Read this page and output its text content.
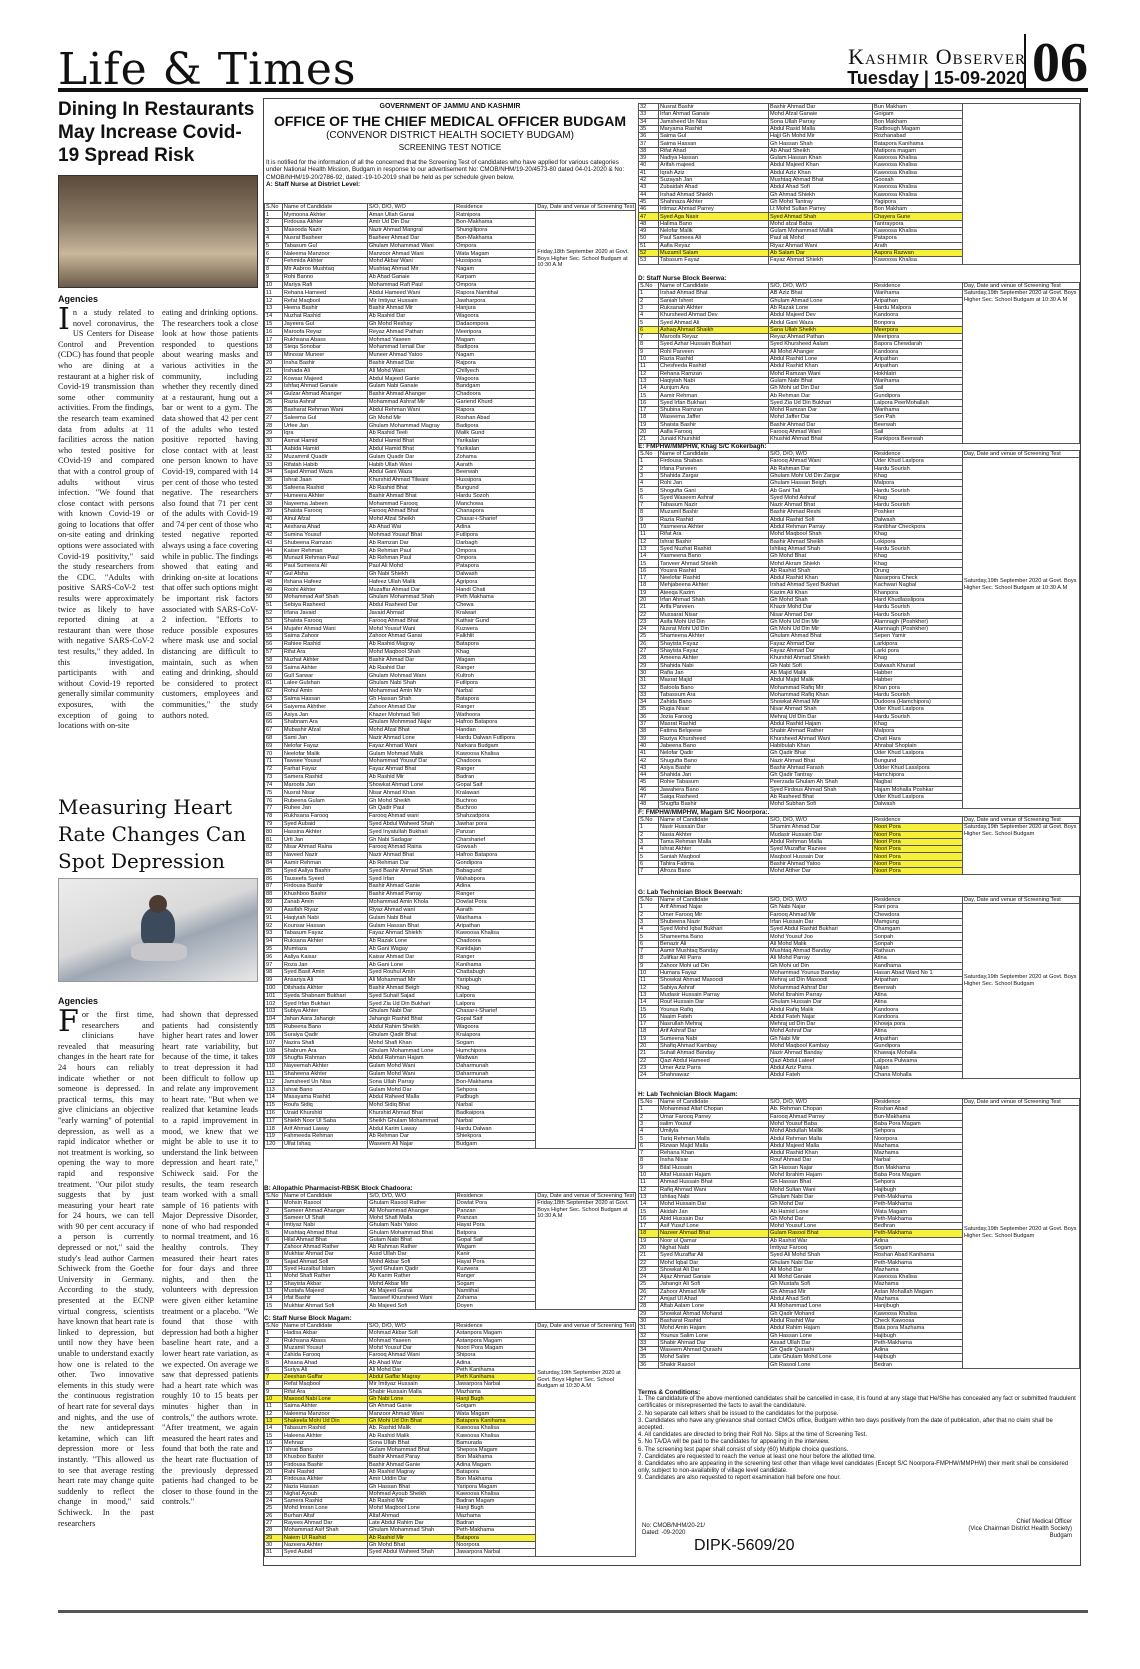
Life & Times	Kashmir Observer
Tuesday | 15-09-2020 06
Dining In Restaurants May Increase Covid-19 Spread Risk
Agencies
In a study related to novel coronavirus, the US Centers for Disease Control and Prevention (CDC) has found that people who are dining at a restaurant at a higher risk of Covid-19 transmission than some other community activities. From the findings, the research team examined data from adults at 11 facilities across the nation who tested positive for COvid-19 and compared that with a control group of adults without virus infection. "We found that close contact with persons with known Covid-19 or going to locations that offer on-site eating and drinking options were associated with Covid-19 positivity," said the study researchers from the CDC. "Adults with positive SARS-CoV-2 test results were approximately twice as likely to have reported dining at a restaurant than were those with negative SARS-CoV-2 test results," they added. In this investigation, participants with and without Covid-19 reported generally similar community exposures, with the exception of going to locations with on-site
eating and drinking options. The researchers took a close look at how those patients responded to questions about wearing masks and various activities in the community, including whether they recently dined at a restaurant, hung out a bar or went to a gym. The data showed that 42 per cent of the adults who tested positive reported having close contact with at least one person known to have Covid-19, compared with 14 per cent of those who tested negative. The researchers also found that 71 per cent of the adults with Covid-19 and 74 per cent of those who tested negative reported always using a face covering while in public. The findings showed that eating and drinking on-site at locations that offer such options might be important risk factors associated with SARS-CoV-2 infection. "Efforts to reduce possible exposures where mask use and social distancing are difficult to maintain, such as when eating and drinking, should be considered to protect customers, employees and communities," the study authors noted.
Measuring Heart Rate Changes Can Spot Depression
Agencies
For the first time, researchers and clinicians have revealed that measuring changes in the heart rate for 24 hours can reliably indicate whether or not someone is depressed. In practical terms, this may give clinicians an objective "early warning" of potential depression, as well as a rapid indicator whether or not treatment is working, so opening the way to more rapid and responsive treatment. "Our pilot study suggests that by just measuring your heart rate for 24 hours, we can tell with 90 per cent accuracy if a person is currently depressed or not," said the study's lead author Carmen Schiweck from the Goethe University in Germany. According to the study, presented at the ECNP virtual congress, scientists have known that heart rate is linked to depression, but until now they have been unable to understand exactly how one is related to the other. Two innovative elements in this study were the continuous registration of heart rate for several days and nights, and the use of the new antidepressant ketamine, which can lift depression more or less instantly. "This allowed us to see that average resting heart rate may change quite suddenly to reflect the change in mood," said Schiweck. In the past researchers
had shown that depressed patients had consistently higher heart rates and lower heart rate variability, but because of the time, it takes to treat depression it had been difficult to follow up and relate any improvement to heart rate. "But when we realized that ketamine leads to a rapid improvement in mood, we knew that we might be able to use it to understand the link between depression and heart rate," Schiweck said. For the results, the team research team worked with a small sample of 16 patients with Major Depressive Disorder, none of who had responded to normal treatment, and 16 healthy controls. They measured their heart rates for four days and three nights, and then the volunteers with depression were given either ketamine treatment or a placebo. "We found that those with depression had both a higher baseline heart rate, and a lower heart rate variation, as we expected. On average we saw that depressed patients had a heart rate which was roughly 10 to 15 beats per minutes higher than in controls," the authors wrote. "After treatment, we again measured the heart rates and found that both the rate and the heart rate fluctuation of the previously depressed patients had changed to be closer to those found in the controls."
GOVERNMENT OF JAMMU AND KASHMIR
OFFICE OF THE CHIEF MEDICAL OFFICER BUDGAM
(CONVENOR DISTRICT HEALTH SOCIETY BUDGAM)
SCREENING TEST NOTICE
It is notified for the information of all the concerned that the Screening Test of candidates who have applied for various categories under National Health Mission, Budgam in response to our advertisement No: CMOB/NHM/19-20/4573-80 dated 04-01-2020 & No: CMOB/NHM/19-20/2786-92, dated:-19-10-2019 shall be held as per schedule given below.
A: Staff Nurse at District Level:
S.No	Name of Candidate	S/O, D/O, W/O	Residence	Day, Date and venue of Screening Test
1	Mymoona Akhter	Aman Ullah Ganai	Ratnipora	Friday,18th September 2020 at Govt. Boys Higher Sec. School Budgam at 10:30 A.M
2	Firdousa Akhter	Amir Ud Din Dar	Bon-Makhama	
3	Masooda Nazir	Nazir Ahmad Mangral	Shungilipora	
4	Nusrat Basheer	Basheer Ahmad Dar	Bon-Makhama	
5	Tabasum Gul	Ghulam Mohammad Wani	Ompora	
6	Naleema Manzoor	Manzoor Ahmad Wani	Wata Magam	
7	Fehmida Akhter	Mohd Akbar Wani	Hussipora	
8	Mir Aabroo Mushtaq	Mushtaq Ahmad Mir	Nagam	
9	Rohi Banno	Ab Ahad Ganaie	Karpam	
10	Mariya Rafi	Mohammad Rafi Paul	Ompora	
11	Rehana Hameed	Abdul Hameed Wani	Rapora Namtihal	
12	Refat Maqbool	Mir Imtiyaz Hussain	Jawharpora	
13	Heena Bashir	Bashir Ahmad Mir	Hanjura	
14	Nuzhat Rashid	Ab Rashid Dar	Wagoora	
15	Jayeera Gul	Gh Mohd Reshay	Dadaompora	
16	Maroofa Reyaz	Reyaz Ahmad Pathan	Meeripora	
17	Rukhsana Abass	Mohmad Yaseen	Magam	
18	Sieqa Sonobar	Mohammad Ismail Dar	Badipora	
19	Minosar Muneer	Muneer Ahmad Yatoo	Nagam	
20	Insha Bashir	Bashir Ahmad Dar	Rajpora	
21	Irshada Ali	Ali Mohd Wani	Chillyech	
22	Kowsar Majeed	Abdul Majeed Ganie	Wagoora	
23	Ishfaq Ahmad Ganaie	Gulam Nabi Ganaie	Bandgam	
24	Gulzar Ahmad Ahanger	Bashir Ahmad Ahanger	Chadoora	
25	Razia Ashraf	Mohammad Ashraf Mir	Gariend Khurd	
26	Basharat Rehman Wani	Abdul Rehman Wani	Rapora	
27	Saleema Gul	Gh Mohd Mir	Roshan Abad	
28	Urfee Jan	Ghulam Mohammad Magray	Badipora	
29	Iqra	Ab Rashid Teeli	Malik Gund	
30	Asmat Hamid	Abdul Hamid Bhat	Yarikalan	
31	Aabida Hamid	Abdul Hamid Bhat	Yarikalan	
32	Muzammil Quadir	Gulam Quadir Dar	Zohama	
33	Rifatah Habib	Habib Ullah Wani	Aarath	
34	Sajad Ahmad Waza	Abdul Gani Waza	Beerwah	
35	Ishrat Jaan	Khurshid Ahmad Tilwani	Hussipora	
36	Safeena Rashid	Ab Rashid Bhat	Bungund	
37	Humeera Akhter	Bashir Ahmad Bhat	Hardu Sozoh	
38	Nayeema Jabeen	Mohammad Farooq	Manchowa	
39	Shaista Farooq	Farooq Ahmad Bhat	Chanapora	
40	Ainul Afzal	Mohd Afzal Sheikh	Chasar-i-Sharief	
41	Aeshana Ahad	Ab Ahad Wai	Adina	
42	Sumina Yousuf	Mohmad Yousuf Bhat	Futlipora	
43	Shubeena Ramzan	Ab Ramzan Dar	Darbagh	
44	Kaiser Rehman	Ab Rehman Paul	Ompora	
45	Munazil Rehman Paul	Ab Rehman Paul	Ompora	
46	Paul Sumeera Ali	Paul Ali Mohd	Patapora	
47	Gul Afsha	Gh Nabi Shiekh	Dalwash	
48	Ifshana Hafeez	Hafeez Ullah Malik	Agripora	
49	Roohi Akhter	Muzaffar Ahmad Dar	Handi Chati	
50	Mohammad Asif Shah	Ghulam Mohammad Shah	Peth Makhama	
51	Sebiya Rasheed	Abdul Rasheed Dar	Chewa	
52	Irfana Javaid	Javaid Ahmad	Kralwari	
53	Shaista Farooq	Farooq Ahmad Bhat	Kathair Gund	
54	Mujafer Ahmad Wani	Mohd Yousuf Wani	Kuzwera	
55	Saima Zahoor	Zahoor Ahmad Ganai	Falkhlit	
56	Rahiee Rashid	Ab Rashid Magray	Batapora	
57	Rifat Ara	Mohd Maqbool Shah	Khag	
58	Nuzhat Akhter	Bashir Ahmad Dar	Wagam	
59	Saima Akhter	Ab Rashid Dar	Ranger	
60	Gull Sarwar	Ghulam Mohmad Wani	Kultroh	
61	Lalee Gulshan	Ghulam Nabi Shah	Futlipora	
62	Rohul Amin	Mohammad Amin Mir	Narbal	
63	Saima Hassan	Gh Hassan Shah	Batapora	
64	Saiyema Akhther	Zahoor Ahmad Dar	Ranger	
65	Asiya Jan	Khazer Mohmad Teli	Wathoora	
66	Shabnam Ara	Ghulam Mohmmad Najar	Hafroo Batapora	
67	Mubashir Afzal	Mohd Afzal Bhat	Handan	
68	Sami Jan	Nazir Ahmad Lone	Hardu Dalwan Futlipora	
69	Nelofar Fayaz	Fayaz Ahmad Wani	Narkara Budgam	
70	Neelofar Malik	Gulam Mohmad Malik	Kawoosa Khalisa	
71	Tawsee Yousuf	Mohammad Yousuf Dar	Chadoora	
72	Farhat Fayaz	Fayaz Ahmad Bhat	Ranger	
73	Samera Rashid	Ab Rashid Mir	Badran	
74	Maroofa Jan	Showkat Ahmad Lone	Gopal Saif	
75	Nusrat Nisar	Nisar Ahmad Khan	Kralawari	
76	Rubeena Gulam	Gh Mohd Sheikh	Buchroo	
77	Ruhee Jan	Gh Qadir Paul	Buchroo	
78	Rukhsana Farooq	Farooq Ahmad wani	Shahzadpora	
79	Syed Aubaid	Syed Abdul Waheed Shah	Jawhar pora	
80	Hassina Akhter	Syed Inyatullah Bukhari	Panzan	
81	Urfi Jan	Gh Nabi Sadagar	Charsharief	
82	Nisar Ahmad Raina	Farooq Ahmad Raina	Gowsah	
83	Naveed Nazir	Nazir Ahmad Bhat	Hafroo Batapora	
84	Aamir Rehman	Ab Rehman Dar	Gondipora	
85	Syed Aaliya Bashir	Syed Bashir Ahmad Shah	Babagund	
86	Tauseefa Syeed	Syed Irfan	Wahabpora	
87	Firdousa Bashir	Bashir Ahmad Ganie	Adina	
88	Khushboo Bashir	Bashir Ahmad Parray	Ranger	
89	Zanab Amin	Mohammad Amin Khola	Dowlat Pora	
90	Aasifah Riyaz	Riyaz Ahmad wani	Aarath	
91	Haqiyiah Nabi	Gulam Nabi Bhat	Warihama	
92	Kounsar Hassan	Gulam Hassan Bhat	Aripathan	
93	Tabasum Fayaz	Fayaz Ahmad Shiekh	Kawoosa Khalisa	
94	Ruksana Akhter	Ab Razak Lone	Chadoora	
95	Mumtaza	Ab Gani Wagay	Kanidajan	
96	Aaliya Kaisar	Kaisar Ahmad Dar	Ranger	
97	Roza Jan	Ab Gani Lone	Kanihama	
98	Syed Basit Amin	Syed Rouhul Amin	Chattabugh	
99	Ansariya Ali	Ali Mohammad Mir	Yaripbugh	
100	Dilshada Akhter	Bashir Ahmad Beigh	Khag	
101	Syeda Shabnam Bukhari	Syed Suhail Sajad	Lalpora	
102	Syed Irfan Bukhari	Syed Zia Ud Din Bukhari	Lalpora	
103	Subiya Akhter	Ghulam Nabi Dar	Chasar-i-Sharief	
104	Jahan Aara Jahangir	Jahangir Rashid Bhat	Gopal Saif	
105	Rubeena Bano	Abdul Rahim Sheikh	Wagoora	
106	Suraiya Qadir	Ghulam Qadir Bhat	Kralapora	
107	Nazira Shafi	Mohd Shafi Khan	Sogam	
108	Shabrum Ara	Ghulam Mohammad Lone	Humchipora	
109	Shugfta Rahman	Abdul Rahman Hajam	Wadwan	
110	Nayeemah Akhter	Gulam Mohd Wani	Daharmunah	
111	Shaheena Akhter	Gulam Mohd Wani	Daharmunah	
112	Jamsheed Un Nisa	Sona Ullah Parray	Bon-Makhama	
113	Ishrat Bano	Gulam Mohd Dar	Sehpora	
114	Masayama Rashid	Abdul Raheed Malla	Padbugh	
115	Roufa Sidiq	Mohd Sidiq Bhat	Narbal	
116	Uzaid Khurshid	Khurshid Ahmad Bhat	Badkaipora	
117	Shiekh Noor Ul Saba	Sheikh Ghulam Mohammad	Narbal	
118	Arif Ahmad Laway	Abdul Karim Laway	Hardu Dalwan	
119	Fahmeeda Rehman	Ab Rehman Dar	Shiekpora	
120	Ulfat Ishaq	Waseem Ali Najar	Budgam	
B: Allopathic Pharmacist-RBSK Block Chadoora:
S.No	Name of Candidate	S/O, D/O, W/O	Residence	Day, Date and venue of Screening Test
1	Mohsin Rasool	Ghulam Rasool Rather	Dowlat Pora	Friday,18th September 2020 at Govt. Boys Higher Sec. School Budgam at 10:30 A.M
2	Sameer Ahmad Ahanger	Ali Mohammad Ahanger	Panzan	
3	Sameer Ul Shafi	Mohd Shafi Malla	Pranzan	
4	Imtiyaz Nabi	Ghulam Nabi Yatoo	Hayat Pora	
5	Mushtaq Ahmad Bhat	Ghulam Mohammad Bhat	Batpora	
6	Hilal Ahmad Bhat	Gulam Nabi Bhat	Gopal Saif	
7	Zahoor Ahmad Rather	Ab Rahman Rather	Wagam	
8	Mukhtar Ahmad Dar	Assd Ullah Dar	Kanir	
9	Sajad Ahmad Sofi	Mohd Akbar Sofi	Hayat Pora	
10	Syed Huzaibul Islam	Syed Ghulam Qadir	Kuzwera	
11	Mohd Shafi Rather	Ab Karim Rather	Ranger	
12	Shayista Akbar	Mohd Akbar Mir	Sogam	
13	Mustafa Majeed	Ab Majeed Ganai	Namtihal	
14	Irfat Bashir	Tawseef Khursheed Wani	Zohama	
15	Mukhtar Ahmad Sofi	Ab Majeed Sofi	Doyen	
C: Staff Nurse Block Magam:
S.No	Name of Candidate	S/O, D/O, W/O	Residence	Day, Date and venue of Screening Test
1	Hadisa Akbar	Mohmad Akbar Sofi	Astanpora Magam	Saturday,19th September 2020 at Govt. Boys Higher Sec. School Budgam at 10:30 A.M
2	Rukhsana Abass	Mohmad Yaseen	Astanpora Magam	
3	Muzamil Yousuf	Mohd Yousuf Dar	Noori Pora Magam	
4	Zahida Farooq	Farooq Ahmad Wani	Shipora	
5	Ahsana Ahad	Ab Ahad War	Adina	
6	Suriya Ali	Ali Mohd Dar	Peth Kanihama	
7	Zeeshan Gaffar	Abdul Gaffar Magray	Peth Kanihama	
8	Refat Maqbool	Mir Imtiyaz Hussain	Jawarpora Narbal	
9	Rifat Ara	Shabir Hussain Malla	Mazhama	
10	Masood Nabi Lone	Gh Nabi Lone	Hanji Bugh	
11	Saima Akhter	Gh Ahmad Ganie	Goigam	
12	Naleema Manzoor	Manzoor Ahmad Wani	Wata Magam	
13	Shakeela Mohi Ud Din	Gh Mohi Ud Din Bhat	Batapora Kanihama	
14	Tabasum Rashid	Ab. Rashid Malik	Kawoosa Khalisa	
15	Haleena Akhter	Ab Rashid Malik	Kawoosa Khalisa	
16	Mehnaz	Sona Ullah Bhat	Bamurada	
17	Ishrat Bano	Gulam Mohammad Bhat	Shepora Magam	
18	Khusboo Bashir	Bashir Ahmad Paray	Bon Makhama	
19	Firdousa Bashir	Bashir Ahmad Ganie	Adina Magam	
20	Rahi Rashid	Ab Rashid Magray	Batapora	
21	Firdousa Akhter	Amir Uddin Dar	Bon Makhama	
22	Nazia Hassan	Gh Hassan Bhat	Yaripora Magam	
23	Nighat Ayoub	Mohmad Ayoub Sheikh	Kawoosa Khalisa	
24	Samera Rashid	Ab Rashid Mir	Badran Magam	
25	Mohd Imran Lone	Mohd Maqbool Lone	Hanji Bugh	
26	Burhan Altaf	Altaf Ahmad	Mazhama	
27	Rayees Ahmad Dar	Late Abdul Rahim Dar	Badran	
28	Mohammad Asif Shah	Ghulam Mohammad Shah	Peth-Makhama	
29	Naiem Ul Rashid	Ab Rashid Mir	Batapora	
30	Nazeera Akhter	Gh Mohd Bhat	Noorpora	
31	Syed Aubid	Syed Abdul Waheed Shah	Jawarpora Narbal	
32	Nusrat Bashir	Bashir Ahmad Dar	Bun Makham	
33	Irfan Ahmad Ganaie	Mohd Afzal Ganaie	Goigam	
34	Jamsheed Un Nisa	Sona Ullah Parray	Bon Makham	
35	Maryama Rashid	Abdul Rasid Malla	Radbough Magam	
36	Saima Gul	Hajji Gh Mohd Mir	Rozhanabad	
37	Saima Hassan	Gh Hassan Shah	Batapora Kanihama	
38	Rifat Ahad	Ab Ahad Sheikh	Matipora magam	
39	Nadiya Hassan	Gulam Hassan Khan	Kawoosa Khalisa	
40	Arifah majeed	Abdul Majeed Khan	Kawoosa Khalisa	
41	Iqrah Aziz	Abdul Aziz Khan	Kawoosa Khalisa	
42	Suzayah Jan	Mushtaq Ahmad Bhat	Goosah	
43	Zubaidah Ahad	Abdul Ahad Sofi	Kawoosa Khalisa	
44	Irshad Ahmad Shiekh	Gh Ahmad Shiekh	Kawoosa Khalisa	
45	Shahnaza Akhter	Gh Mohd Tantray	Yagipora	
46	Irtimaz Ahmad Parrey	Lt Mohd Sultan Parrey	Bon Makham	
47	Syed Aga Nasir	Syed Ahmad Shah	Chayera Gune	
48	Halima Bano	Mohd afzal Baba	Tantraypora	
49	Nelofar Malik	Gulam Mohammad Mallik	Kawoosa Khalisa	
50	Paul Sameea Ali	Paul ali Mohd	Patapora	
51	Aafia Reyaz	Riyaz Ahmad Wani	Arath	
52	Muzamil Salam	Ab Salam Dar	Aapora Razwan	
53	Tabasum Fayaz	Fayaz Ahmad Shiekh	Kawoosa Khalisa	
D: Staff Nurse Block Beerwa:
S.No	Name of Candidate	S/O, D/O, W/O	Residence	Day, Date and venue of Screening Test
1	Irshad Ahmad Bhat	AB Aziz Bhat	Warihama	Saturday,19th September 2020 at Govt. Boys Higher Sec. School Budgam at 10:30 A.M
2	Saniah Ishret	Ghulam Ahmad Lone	Aripathan	
3	Ruksanah Akhter	Ab Razak Lone	Hardu Malpora	
4	Khursheed Ahmad Dev	Abdul Majeed Dev	Kandoora	
5	Syed Ahmad Ali	Abdul Gani Waza	Bonpora	
6	Ashaq Ahmad Shaikh	Sana Ullah Sheikh	Meerpora	
7	Maroofa Reyaz	Reyaz Ahmad Pathan	Meeripora	
8	Syed Azhar Hussain Bukhari	Syed Khursheed Aalam	Bapora Chewdarah	
9	Rohi Parveen	Ali Mohd Ahanger	Kandoora	
10	Razia Rashid	Abdul Rashid Lone	Aripathan	
11	Chesfeeda Rashid	Abdul Rashid Khan	Aripathan	
12	Rehana Ramzan	Mohd Ramzan Wani	Hokhlatri	
13	Haqiyiah Nabi	Gulam Nabi Bhat	Warihama	
14	Aunjum Ara	Gh Mohi ud Din Dar	Sail	
15	Aamir Rehman	Ab Rehman Dar	Gundipora	
16	Syed Irfan Bukhari	Syed Zia Ud Din Bukhari	Lalpora PeerMohallah	
17	Shubina Ramzan	Mohd Ramzan Dar	Warihama	
18	Waseema Jaffer	Mohd Jaffer Dar	Son Pah	
19	Shaista Bashir	Bashir Ahmad Dar	Beerwah	
20	Aafia Farooq	Farooq Ahmad Wani	Sail	
21	Junaid Khurshid	Khushid Ahmad Bhat	Rankipora Beerwah	
E: FMPHW/MMPHW, Khag S/C Kokerbagh:
S.No	Name of Candidate	S/O, D/O, W/O	Residence	Day, Date and venue of Screening Test
1	Firdousa Shaban	Farooq Ahmad Wani	Uder Khud Laslpora	Saturday,19th September 2020 at Govt. Boys Higher Sec. School Budgam at 10:30 A.M
2	Irfana Parveen	Ab Rahman Dar	Hardu Sourish	
3	Shahida Zargar	Ghulam Mohi Ud Din Zargar	Khag	
4	Rohi Jan	Ghulam Hassan Beigh	Malpora	
5	Shogufta Gani	Ab Gani Tali	Hardu Sourish	
6	Syed Waseem Ashraf	Syed Mohd Ashraf	Khag	
7	Tabasum Nazir	Nazir Ahmad Bhat	Hardu Sourish	
8	Muzamil Bashir	Bashir Ahmad Reshi	Poshker	
9	Razia Rashid	Abdul Rashid Sofi	Dalwash	
10	Yasmeena Akhter	Abdul Rehman Parray	Ranibhar Checkpora	
11	Rifat Ara	Mohd Maqbool Shah	Khag	
12	Ishrat Bashir	Bashir Ahmad Sheikh	Lokipora	
13	Syed Nuzhat Rashid	Ishtiaq Ahmad Shah	Hardu Sourish	
14	Yasmeena Bano	Gh Mohd Bhat	Khag	
15	Tanveer Ahmad Shiekh	Mohd Akram Shiekh	Khag	
16	Yousra Rashid	Ab Rashid Shah	Drung	
17	Neelofar Rashid	Abdul Rashid Khan	Nasarpora Check	
18	Mehjabeena Akhter	Irshad Ahmad Syed Bukhari	Kachwari Nagbal	
19	Ateeqa Kazim	Kazim Ali Khan	Khanpora	
20	Irfan Ahmad Shah	Gh Mohd Shah	Hard Khudlasslipora	
21	Arifa Parveen	Khazir Mohd Dar	Hardu Sourish	
22	Mussarat Nisar	Nisar Ahmad Dar	Hardu Sourish	
23	Asifa Mohi Ud Din	Gh Mohi Ud Din Mir	Alamnagh (Poshkher)	
24	Nusrat Mohi Ud Din	Gh Mohi Ud Din Mir	Alamnagh (Poshkher)	
25	Shameena Akhter	Ghulam Ahmad Bhat	Sepen Yamir	
26	Shayista Fayaz	Fayaz Ahmad Dar	Larkipora	
27	Shayista Fayaz	Fayaz Ahmad Dar	Larki pora	
28	Ameena Akhter	Khurshid Ahmad Shiekh	Khag	
29	Shahida Nabi	Gh Nabi Sofi	Dalwash Khurad	
30	Rafia Jan	Ab Majid Malik	Habber	
31	Masrat Majid	Abdul Majid Malik	Habber	
32	Batoola Bano	Mohammad Rafiq Mir	Khan pora	
33	Tabassum Ara	Mohammad Rafiq Khan	Hardu Sourish	
34	Zahida Bano	Showkat Ahmad Mir	Dudoora (Hamchipora)	
35	Rugia Nisar	Nisar Ahmad Shah	Uder Khud Laslpora	
36	Jozia Faroog	Mehraj Ud Din Dar	Hardu Sourish	
37	Masrat Rashid	Abdul Rashid Hajam	Khag	
38	Fatima Belqeese	Shabir Ahmad Rather	Malpora	
39	Raziya Khursheed	Khursheed Ahmad Wani	Chati Hara	
40	Jabeena Bano	Habibulah Khan	Ahrabal Shoplain	
41	Nelofar Qadir	Gh Qadir Bhat	Uder Khud Laslpora	
42	Shugufta Bano	Nazir Ahmad Bhat	Bungund	
43	Asiya Bashir	Bashir Ahmad Farash	Udder Khud Lasslpora	
44	Shahida Jan	Gh Qadir Tantray	Hamchipora	
45	Rohie Tabasum	Peerzada Ghulam Ah Shah	Nagbal	
46	Jawahera Bano	Syed Firdous Ahmad Shah	Hajam Mohalla Poshkar	
47	Saiqa Rasheed	Ab Rasheed Bhat	Uder Khud Laslpora	
48	Shugfta Bashir	Mohd Subhan Sofi	Dalwash	
F: FMPHW/MMPHW, Magam S/C Noorpora:.
S.No	Name of Candidate	S/O, D/O, W/O	Residence	Day, Date and venue of Screening Test
1	Nasir Hussain Dar	Shamim Ahmad Dar	Noori Pora	Saturday,19th September 2020 at Govt. Boys Higher Sec. School Budgam
2	Nasia Akhter	Mudasir Hussain Dar	Noori Pora	
3	Tama Rehman Malla	Abdul Rehman Malla	Noori Pora	
4	Ishrat Akhter	Syed Muzaffar Razvee	Noori Pora	
5	Saniah Maqbool	Maqbool Hussain Dar	Noori Pora	
6	Tahira Fatima	Bashir Ahmad Yatoo	Noori Pora	
7	Afroza Bano	Mohd Atther Dar	Noori Pora	
G: Lab Technician Block Beerwah:
S.No	Name of Candidate	S/O, D/O, W/O	Residence	Day, Date and venue of Screening Test
1	Arif Ahmad Najar	Gh Nabi Najar	Rani pora	Saturday,19th September 2020 at Govt. Boys Higher Sec. School Budgam
2	Umer Farooq Mir	Farooq Ahmad Mir	Chewdora	
3	Shubeena Nazir	Irfan Hussain Dar	Mamgung	
4	Syed Mohd Iqbal Bukhari	Syed Abdul Rashid Bukhari	Ohamgam	
5	Shameema Bano	Mohd Yousuf Joo	Sonpah	
6	Benazir Ali	Ali Mohd Malik	Sonpah	
7	Aamir Mushtaq Banday	Mushtaq Ahmad Banday	Rathsun	
8	Zulifkar Ali Parra	Ali Mohd Parray	Atina	
9	Zahoor Mohi ud Din	Gh Mohi ud Din	Kandhama	
10	Humara Fayaz	Mohammad Younus Banday	Hasan Abad Ward No 1	
11	Showkat Ahmad Masoodi	Mehraj ud Din Masoodi	Aripathan	
12	Sabiya Ashraf	Mohammad Ashraf Dar	Beerwah	
13	Mudasir Hussain Parray	Mohd Ibrahim Parray	Atina	
14	Rouf Hussain Dar	Ghulam Hussain Dar	Atina	
15	Younus Rafiq	Abdul Rafiq Malik	Kandoora	
16	Naaim Fateh	Abdul Fateh Najar	Kandoora	
17	Nasrullah Mehraj	Mehraj ud Din Dar	Khowja pora	
18	Arif Ashraf Dar	Mohd Ashraf Dar	Atina	
19	Sumeena Nabi	Gh Nabi Mir	Aripathan	
20	Shafiq Ahmad Kambay	Mohd Maqbool Kambay	Gundipora	
21	Suhail Ahmad Banday	Nazir Ahmad Banday	Khawaja Mohalla	
22	Qazi Abdul Hameed	Qazi Abdul Lateef	Lalpora Pulwama	
23	Umer Aziz Parra	Abdul Aziz Parra	Najan	
24	Shahnawaz	Abdul Fateh	Chana Mohalla	
H: Lab Technician Block Magam:
S.No	Name of Candidate	S/O, D/O, W/O	Residence	Day, Date and venue of Screening Test
1	Mohammad Altaf Chopan	Ab. Rehman Chopan	Roshan Abad	Saturday,19th September 2020 at Govt. Boys Higher Sec. School Budgam
2	Umar Farooq Parrey	Farooq Ahmad Parrey	Bun-Makhama	
3	salim Yousuf	Mohd Yousuf Baba	Baba Pora Magam	
4	Umilyla	Mohd Abdullah Mallik	Sehpora	
5	Tariq Rehman Malla	Abdul Rehman Malla	Noorpora	
6	Rizwan Majid Malla	Abdul Majeed Malla	Mazhama	
7	Rehana Khan	Abdul Rashid Khan	Mazhama	
8	Insha Nisar	Rouf Ahmad Dar	Narbal	
9	Bilal Hussain	Gh Hassan Najar	Bun Makhama	
10	Altaf Hussain Hajam	Mohd Ibrahim Hajam	Baba Pora Magam	
11	Ahmad Hussain Bhat	Gh Hassan Bhat	Sehpora	
12	Rafiq Ahmad Wani	Mohd Sultan Wani	Hajibugh	
13	Ishtiaq Nabi	Ghulam Nabi Dar	Peth-Makhama	
14	Mohd Hussain Dar	Gh Mohd Dar	Peth-Makhama	
15	Akidah Jan	Ab Hamid Lone	Wata Magam	
16	Abid Hussain Dar	Gh Mohd Dar	Peth-Makhama	
17	Asif Yusuf Lone	Mohd Yousuf Lone	Bedhran	
18	Nazeer Ahmad Bhat	Gulam Rasool Bhat	Peth-Makhama	
19	Noor ul Qamar	Ab Rashid War	Adina	
20	Nighat Nabi	Imtiyaz Farooq	Sogam	
21	Syed Muzaffar Ali	Syed Ali Mohd Shah	Roshan Abad Kanihama	
22	Mohd Iqbal Dar	Ghulam Nabi Dar	Peth-Makhama	
23	Showkat Ali Dar	Ali Mohd Dar	Mazhama	
24	Aijaz Ahmad Ganaie	Ali Mohd Ganaie	Kawoosa Khalisa	
25	Jahangir Ali Sofi	Gh Mustafa Sofi	Mazhama	
26	Zahoor Ahmad Mir	Gh Ahmad Mir	Astan Mohallah Magam	
27	Amjad Ul Ahad	Abdul Ahad Sofi	Mazhama	
28	Aftab Aalam Lone	Ali Mohammad Lone	Hanjibugh	
29	Showkat Ahmad Mohand	Gh Qadir Mohand	Kawoosa Khalisa	
30	Basharat Rashid	Abdul Rashid War	Check Kawoosa	
31	Mohd Amin Hajam	Abdul Rahim Hajam	Bata pora Mazhama	
32	Younus Salim Lone	Gh Hassan Lone	Hajibugh	
33	Shabir Ahmad Dar	Assad Ullah Dar	Peth-Makhama	
34	Waseem Ahmad Qurashi	Gh Qadir Qurashi	Adina	
35	Mohd Salim	Late Ghulam Mohd Lone	Hajibugh	
36	Shakir Rasool	Gh Rasool Lone	Bedran	
Terms & Conditions:
1. The candidature of the above mentioned candidates shall be cancelled in case, it is found at any stage that He/She has concealed any fact or submitted fraudulent certificates or misrepresented the facts to avail the candidature.
2. No separate call letters shall be issued to the candidates for the purpose.
3. Candidates who have any grievance shall contact CMOs office, Budgam within two days positively from the date of publication, after that no claim shall be accepted.
4. All candidates are directed to bring their Roll No. Slips at the time of Screening Test.
5. No TA/DA will be paid to the candidates for appearing in the interview.
6. The screening test paper shall consist of sixty (60) Multiple choice questions.
7. Candidates are requested to reach the venue at least one hour before the allotted time.
8. Candidates who are appearing in the screening test other than village level candidates (Except S/C Noorpora-FMPHW/MMPHW) their merit shall be considered only, subject to non-availability of village level candidate.
9. Candidates are also requested to report examination hall before one hour.
No: CMOB/NHM/20-21/
Dated: -09-2020
Chief Medical Officer
(Vice Chairman District Health Society)
Budgam
DIPK-5609/20
